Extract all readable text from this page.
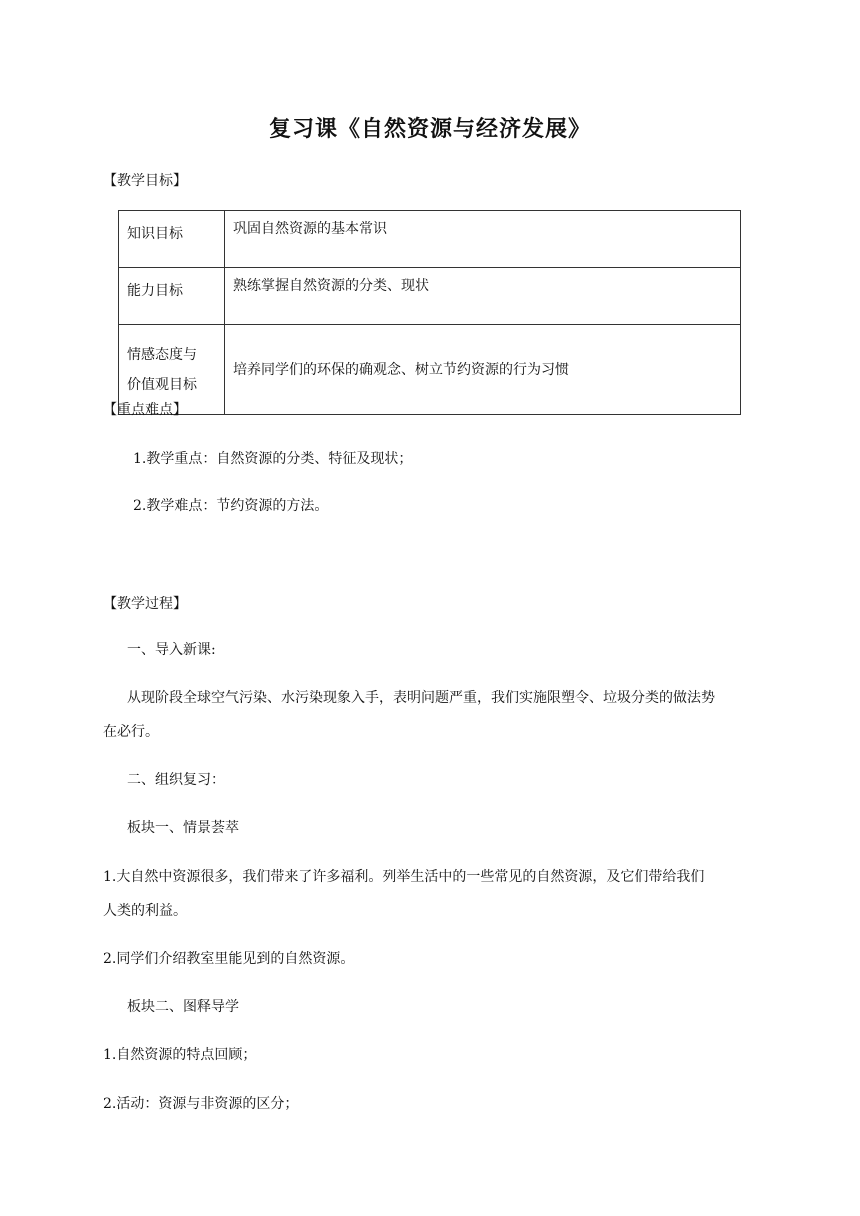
复习课《自然资源与经济发展》
【教学目标】
知识目标	巩固自然资源的基本常识
能力目标	熟练掌握自然资源的分类、现状

情感态度与
价值观目标	培养同学们的环保的确观念、树立节约资源的行为习惯
【重点难点】
1.教学重点：自然资源的分类、特征及现状；
2.教学难点：节约资源的方法。
【教学过程】
一、导入新课:
从现阶段全球空气污染、水污染现象入手，表明问题严重，我们实施限塑令、垃圾分类的做法势
在必行。
二、组织复习：
板块一、情景荟萃
1.大自然中资源很多，我们带来了许多福利。列举生活中的一些常见的自然资源，及它们带给我们
人类的利益。
2.同学们介绍教室里能见到的自然资源。
板块二、图释导学
1.自然资源的特点回顾；
2.活动：资源与非资源的区分；
